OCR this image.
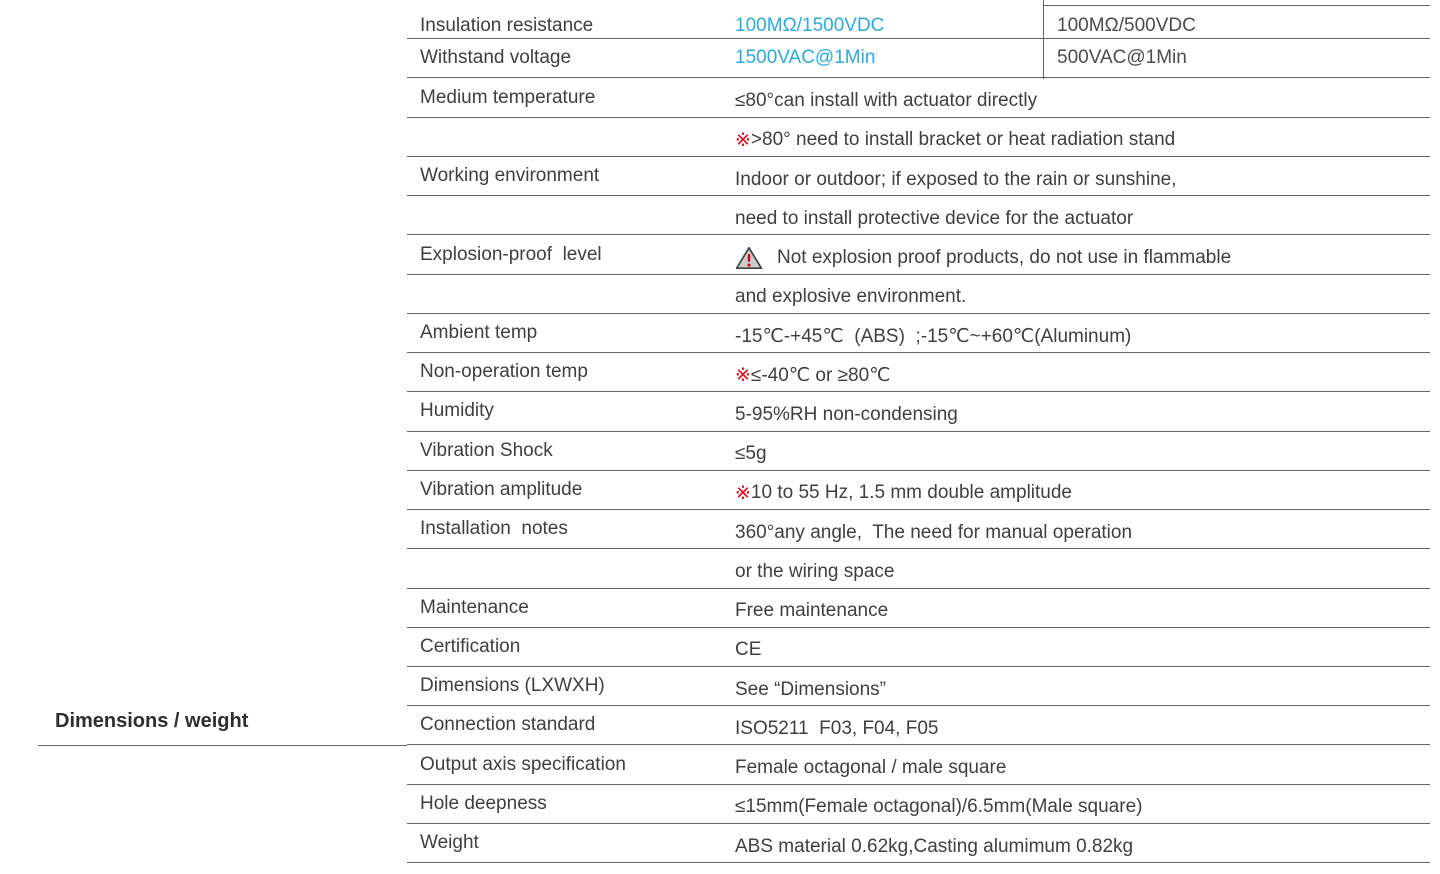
Dimensions / weight
Insulation resistance	100MΩ/1500VDC	100MΩ/500VDC
Withstand voltage	1500VAC@1Min	500VAC@1Min
Medium temperature	≤80°can install with actuator directly
※ >80° need to install bracket or heat radiation stand
Working environment	Indoor or outdoor; if exposed to the rain or sunshine,
need to install protective device for the actuator
Explosion-proof  level	Not explosion proof products, do not use in flammable
and explosive environment.
Ambient temp	-15℃-+45℃  (ABS)  ;-15℃~+60℃(Aluminum)
Non-operation temp	※ ≤-40℃ or ≥80℃
Humidity	5-95%RH non-condensing
Vibration Shock	≤5g
Vibration amplitude	※ 10 to 55 Hz, 1.5 mm double amplitude
Installation  notes	360°any angle,  The need for manual operation
or the wiring space
Maintenance	Free maintenance
Certification	CE
Dimensions (LXWXH)	See “Dimensions”
Connection standard	ISO5211  F03, F04, F05
Output axis specification	Female octagonal / male square
Hole deepness	≤15mm(Female octagonal)/6.5mm(Male square)
Weight	ABS material 0.62kg,Casting alumimum 0.82kg
